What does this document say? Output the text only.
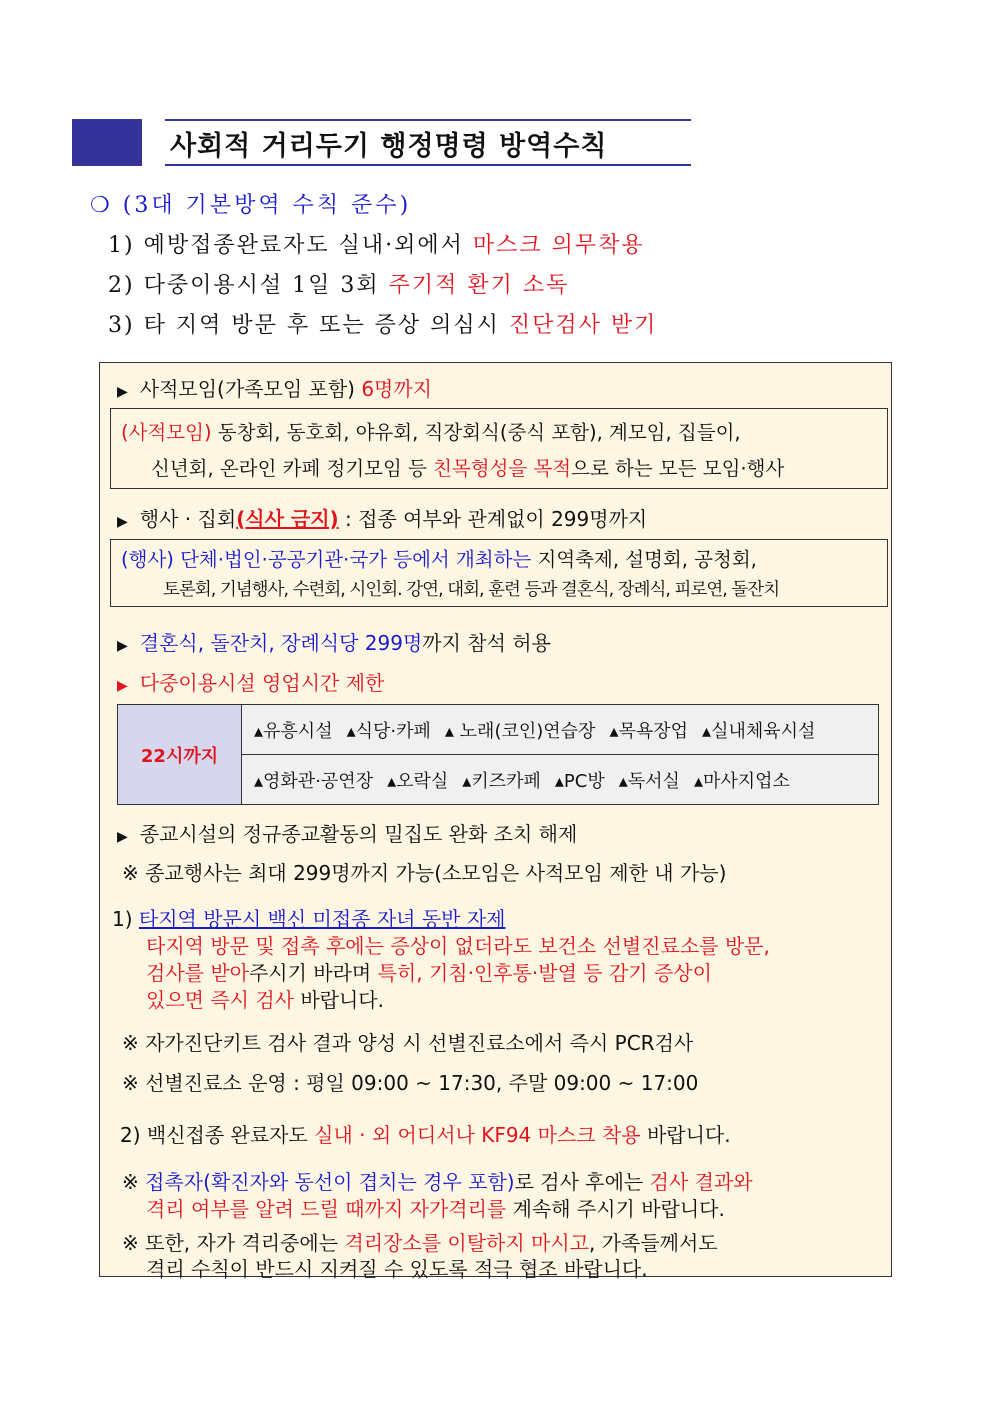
사회적 거리두기 행정명령 방역수칙
❍ (3대 기본방역 수칙 준수)
1) 예방접종완료자도 실내·외에서 마스크 의무착용
2) 다중이용시설 1일 3회 주기적 환기 소독
3) 타 지역 방문 후 또는 증상 의심시 진단검사 받기
▶ 사적모임(가족모임 포함) 6명까지
(사적모임) 동창회, 동호회, 야유회, 직장회식(중식 포함), 계모임, 집들이,
신년회, 온라인 카페 정기모임 등 친목형성을 목적으로 하는 모든 모임·행사
▶ 행사 · 집회(식사 금지) : 접종 여부와 관계없이 299명까지
(행사) 단체·법인·공공기관·국가 등에서 개최하는 지역축제, 설명회, 공청회,
토론회, 기념행사, 수련회, 시인회. 강연, 대회, 훈련 등과 결혼식, 장례식, 피로연, 돌잔치
▶ 결혼식, 돌잔치, 장례식당 299명까지 참석 허용
▶ 다중이용시설 영업시간 제한
22시까지	▴유흥시설 ▴식당·카페 ▴ 노래(코인)연습장 ▴목욕장업 ▴실내체육시설
▴영화관·공연장 ▴오락실 ▴키즈카페 ▴PC방 ▴독서실 ▴마사지업소
▶ 종교시설의 정규종교활동의 밀집도 완화 조치 해제
※ 종교행사는 최대 299명까지 가능(소모임은 사적모임 제한 내 가능)
1) 타지역 방문시 백신 미접종 자녀 동반 자제
타지역 방문 및 접촉 후에는 증상이 없더라도 보건소 선별진료소를 방문,
검사를 받아주시기 바라며 특히, 기침·인후통·발열 등 감기 증상이
있으면 즉시 검사 바랍니다.
※ 자가진단키트 검사 결과 양성 시 선별진료소에서 즉시 PCR검사
※ 선별진료소 운영 : 평일 09:00 ~ 17:30, 주말 09:00 ~ 17:00
2) 백신접종 완료자도 실내 · 외 어디서나 KF94 마스크 착용 바랍니다.
※ 접촉자(확진자와 동선이 겹치는 경우 포함)로 검사 후에는 검사 결과와
격리 여부를 알려 드릴 때까지 자가격리를 계속해 주시기 바랍니다.
※ 또한, 자가 격리중에는 격리장소를 이탈하지 마시고, 가족들께서도
격리 수칙이 반드시 지켜질 수 있도록 적극 협조 바랍니다.
